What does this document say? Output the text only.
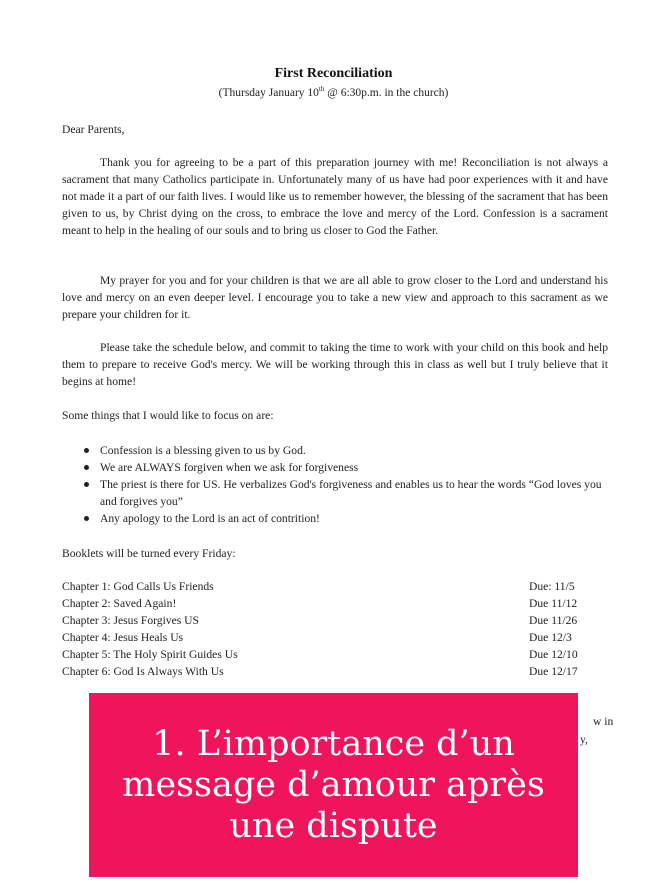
First Reconciliation
(Thursday January 10th @ 6:30p.m. in the church)
Dear Parents,
Thank you for agreeing to be a part of this preparation journey with me! Reconciliation is not always a sacrament that many Catholics participate in. Unfortunately many of us have had poor experiences with it and have not made it a part of our faith lives. I would like us to remember however, the blessing of the sacrament that has been given to us, by Christ dying on the cross, to embrace the love and mercy of the Lord. Confession is a sacrament meant to help in the healing of our souls and to bring us closer to God the Father.
My prayer for you and for your children is that we are all able to grow closer to the Lord and understand his love and mercy on an even deeper level. I encourage you to take a new view and approach to this sacrament as we prepare your children for it.
Please take the schedule below, and commit to taking the time to work with your child on this book and help them to prepare to receive God's mercy. We will be working through this in class as well but I truly believe that it begins at home!
Some things that I would like to focus on are:
Confession is a blessing given to us by God.
We are ALWAYS forgiven when we ask for forgiveness
The priest is there for US. He verbalizes God's forgiveness and enables us to hear the words “God loves you and forgives you”
Any apology to the Lord is an act of contrition!
Booklets will be turned every Friday:
Chapter 1: God Calls Us Friends	Due: 11/5
Chapter 2: Saved Again!	Due 11/12
Chapter 3: Jesus Forgives US	Due 11/26
Chapter 4: Jesus Heals Us	Due 12/3
Chapter 5: The Holy Spirit Guides Us	Due 12/10
Chapter 6: God Is Always With Us	Due 12/17
w in
y,
1. L’importance d’un message d’amour après une dispute
